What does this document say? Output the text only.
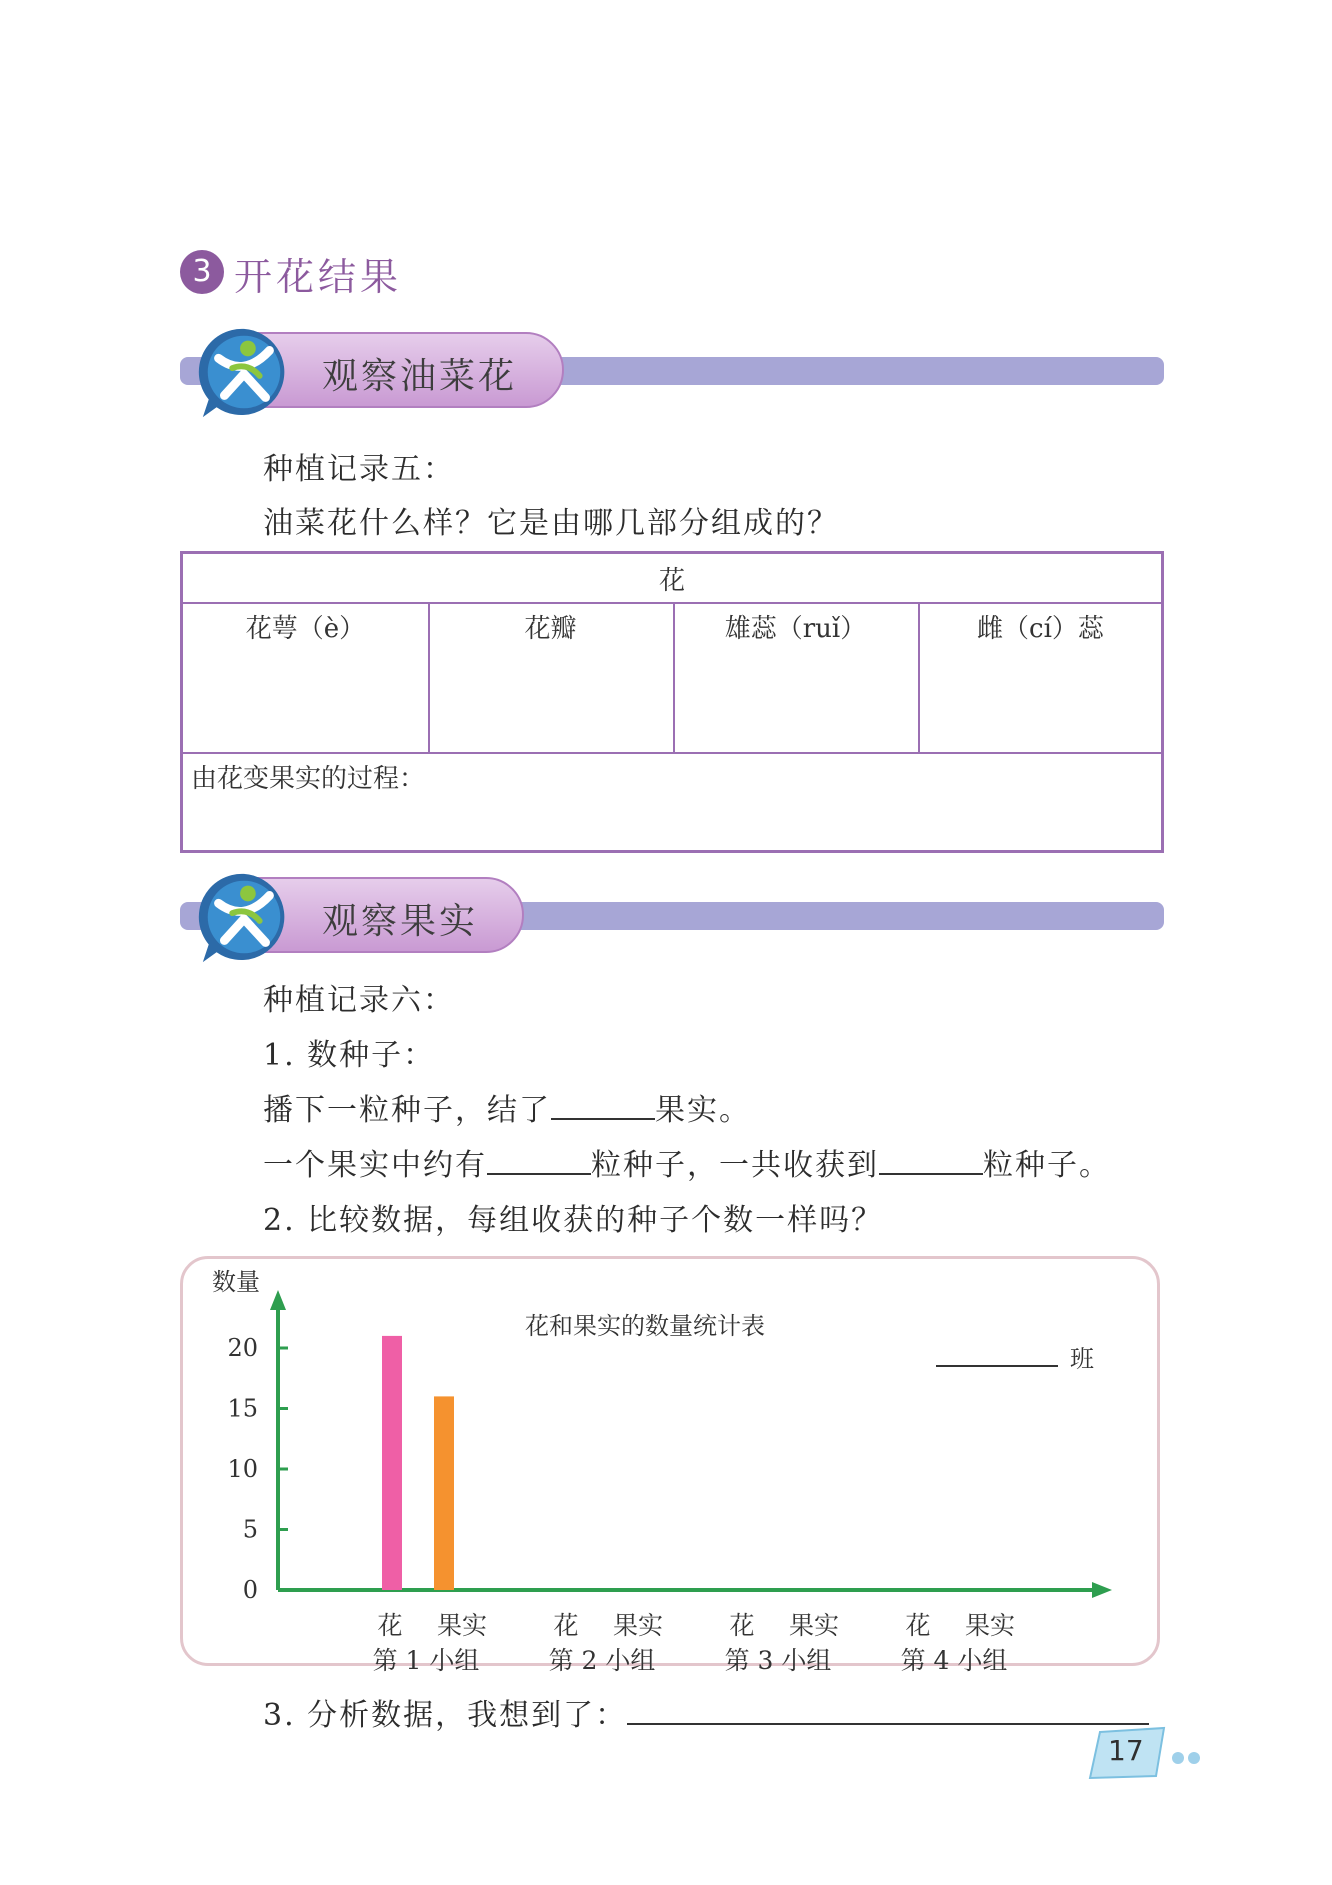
3 开花结果
观察油菜花
种植记录五：
油菜花什么样？它是由哪几部分组成的？
花
花萼（è）	花瓣	雄蕊（ruǐ）	雌（cí）蕊
由花变果实的过程：
观察果实
种植记录六：
1. 数种子：
播下一粒种子，结了	果实。
一个果实中约有	粒种子，一共收获到	粒种子。
2. 比较数据，每组收获的种子个数一样吗？
0
5
10
15
20
花 果实
第 1 小组
花 果实
第 2 小组
花 果实
第 3 小组
花 果实
第 4 小组
数量
花和果实的数量统计表
班
3. 分析数据，我想到了：
17
